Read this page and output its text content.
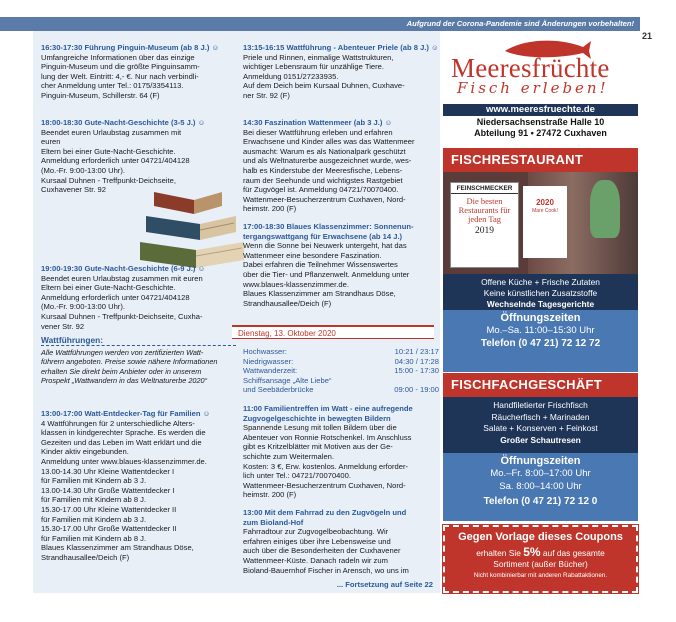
Aufgrund der Corona-Pandemie sind Änderungen vorbehalten!
21
16:30-17:30 Führung Pinguin-Museum (ab 8 J.) ☺
Umfangreiche Informationen über das einzige
Pinguin-Museum und die größte Pinguinsamm-
lung der Welt. Eintritt: 4,- €. Nur nach verbindli-
cher Anmeldung unter Tel.: 0175/3354113.
Pinguin-Museum, Schillerstr. 64 (F)
18:00-18:30 Gute-Nacht-Geschichte (3-5 J.) ☺
Beendet euren Urlaubstag zusammen mit euren
Eltern bei einer Gute-Nacht-Geschichte.
Anmeldung erforderlich unter 04721/404128
(Mo.-Fr. 9:00-13:00 Uhr).
Kursaal Duhnen - Treffpunkt-Deichseite,
Cuxhavener Str. 92
19:00-19:30 Gute-Nacht-Geschichte (6-9 J.) ☺
Beendet euren Urlaubstag zusammen mit euren
Eltern bei einer Gute-Nacht-Geschichte.
Anmeldung erforderlich unter 04721/404128
(Mo.-Fr. 9:00-13:00 Uhr).
Kursaal Duhnen - Treffpunkt-Deichseite, Cuxha-
vener Str. 92
Wattführungen:
Alle Wattführungen werden von zertifizierten Watt-
führern angeboten. Preise sowie nähere Informationen
erhalten Sie direkt beim Anbieter oder in unserem
Prospekt „Wattwandern in das Weltnaturerbe 2020“
13:00-17:00 Watt-Entdecker-Tag für Familien ☺
4 Wattführungen für 2 unterschiedliche Alters-
klassen in kindgerechter Sprache. Es werden die
Gezeiten und das Leben im Watt erklärt und die
Kinder aktiv eingebunden.
Anmeldung unter www.blaues-klassenzimmer.de.
13.00-14.30 Uhr Kleine Wattentdecker I
für Familien mit Kindern ab 3 J.
13.00-14.30 Uhr Große Wattentdecker I
für Familien mit Kindern ab 8 J.
15.30-17.00 Uhr Kleine Wattentdecker II
für Familien mit Kindern ab 3 J.
15.30-17.00 Uhr Große Wattentdecker II
für Familien mit Kindern ab 8 J.
Blaues Klassenzimmer am Strandhaus Döse,
Strandhausallee/Deich (F)
13:15-16:15 Wattführung - Abenteuer Priele (ab 8 J.) ☺
Priele und Rinnen, einmalige Wattstrukturen,
wichtiger Lebensraum für unzählige Tiere.
Anmeldung 0151/27233935.
Auf dem Deich beim Kursaal Duhnen, Cuxhave-
ner Str. 92 (F)
14:30 Faszination Wattenmeer (ab 3 J.) ☺
Bei dieser Wattführung erleben und erfahren
Erwachsene und Kinder alles was das Wattenmeer
ausmacht: Warum es als Nationalpark geschützt
und als Weltnaturerbe ausgezeichnet wurde, wes-
halb es Kinderstube der Meeresfische, Lebens-
raum der Seehunde und wichtigstes Rastgebiet
für Zugvögel ist. Anmeldung 04721/70070400.
Wattenmeer-Besucherzentrum Cuxhaven, Nord-
heimstr. 200 (F)
17:00-18:30 Blaues Klassenzimmer: Sonnenun-
tergangswattgang für Erwachsene (ab 14 J.)
Wenn die Sonne bei Neuwerk untergeht, hat das
Wattenmeer eine besondere Faszination.
Dabei erfahren die Teilnehmer Wissenswertes
über die Tier- und Pflanzenwelt. Anmeldung unter
www.blaues-klassenzimmer.de.
Blaues Klassenzimmer am Strandhaus Döse,
Strandhausallee/Deich (F)
Hochwasser:	10:21 / 23:17
Niedrigwasser:	04:30 / 17:28
Wattwanderzeit:	15:00 - 17:30
Schiffsansage „Alte Liebe“
und Seebäderbrücke	09:00 - 19:00
11:00 Familientreffen im Watt - eine aufregende
Zugvogelgeschichte in bewegten Bildern
Spannende Lesung mit tollen Bildern über die
Abenteuer von Ronnie Rotschenkel. Im Anschluss
gibt es Kritzelblätter mit Motiven aus der Ge-
schichte zum Weitermalen.
Kosten: 3 €, Erw. kostenlos. Anmeldung erforder-
lich unter Tel.: 04721/70070400.
Wattenmeer-Besucherzentrum Cuxhaven, Nord-
heimstr. 200 (F)
13:00 Mit dem Fahrrad zu den Zugvögeln und
zum Bioland-Hof
Fahrradtour zur Zugvogelbeobachtung. Wir
erfahren einiges über ihre Lebensweise und
auch über die Besonderheiten der Cuxhavener
Wattenmeer-Küste. Danach radeln wir zum
Bioland-Bauernhof Fischer in Arensch, wo uns im
... Fortsetzung auf Seite 22
Dienstag, 13. Oktober 2020
Meeresfrüchte
Fisch erleben!
www.meeresfruechte.de
Niedersachsenstraße Halle 10
Abteilung 91 • 27472 Cuxhaven
FISCHRESTAURANT
FEINSCHMECKER
Die besten Restaurants für jeden Tag
2019
2020
Mare Cook!
Offene Küche + Frische Zutaten
Keine künstlichen Zusatzstoffe
Wechselnde Tagesgerichte
Öffnungszeiten
Mo.–Sa. 11:00–15:30 Uhr
Telefon (0 47 21) 72 12 72
FISCHFACHGESCHÄFT
Handfiletierter Frischfisch
Räucherfisch + Marinaden
Salate + Konserven + Feinkost
Großer Schautresen
Öffnungszeiten
Mo.–Fr. 8:00–17:00 Uhr
Sa. 8:00–14:00 Uhr
Telefon (0 47 21) 72 12 0
Gegen Vorlage dieses Coupons
erhalten Sie 5% auf das gesamte
Sortiment (außer Bücher)
Nicht kombinierbar mit anderen Rabattaktionen.
